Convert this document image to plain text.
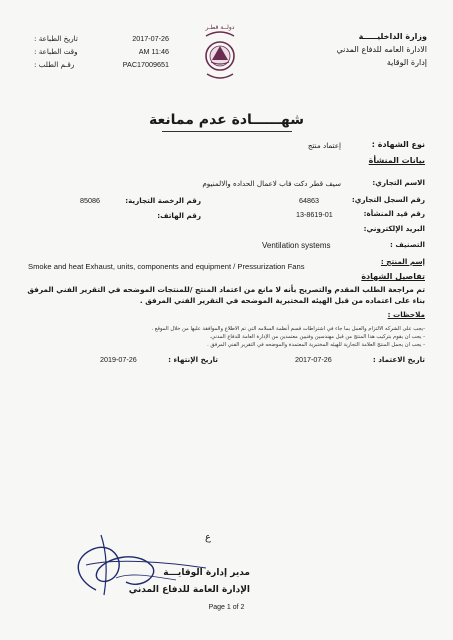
وزارة الداخليـــــة
الادارة العامه للدفاع المدني
إدارة الوقاية
دولــة قطـر
تاريخ الطباعة :	2017-07-26
وقت الطباعة :	AM 11:46
رقـم الطلب :	PAC17009651
شهــــــادة عدم ممانعة
نوع الشهادة :
إعتماد منتج
بيانات المنشأة
الاسم التجاري:
سيف قطر دكت فاب لاعمال الحداده والالمنيوم
رقم السجل التجاري:
64863
رقم الرخصة التجارية:
85086
رقم قيد المنشأة:
13-8619-01
رقم الهاتف:
البريد الإلكتروني:
التصنيف :
Ventilation systems
إسم المنتج :
Smoke and heat Exhaust, units, components and equipment / Pressurization Fans
تفاصيل الشهادة
تم مراجعة الطلب المقدم والتصريح بأنه لا مانع من اعتماد المنتج /للمنتجات الموضحه في التقرير الفني المرفق بناء على اعتماده من قبل الهيئه المختبرية الموضحه في التقرير الفني المرفق .
ملاحظات :
-يجب على الشركه الالتزام والعمل بما جاء في اشتراطات قسم أنظمة السلامه التي تم الاطلاع والموافقة عليها من خلال الموقع .
- يجب ان يقوم بتركيب هذا المنتج من قبل مهندسين وفنيين معتمدين من الإدارة العامة للدفاع المدني.
- يجب ان يحمل المنتج العلامة التجارية للهيئه المختبرية المعتمدة والموضحه في التقرير الفني المرفق .
تاريخ الاعتماد :
2017-07-26
تاريخ الإنتهاء :
2019-07-26
ع
مدير إدارة الوقايـــة
الإدارة العامة للدفاع المدني
Page 1 of 2
